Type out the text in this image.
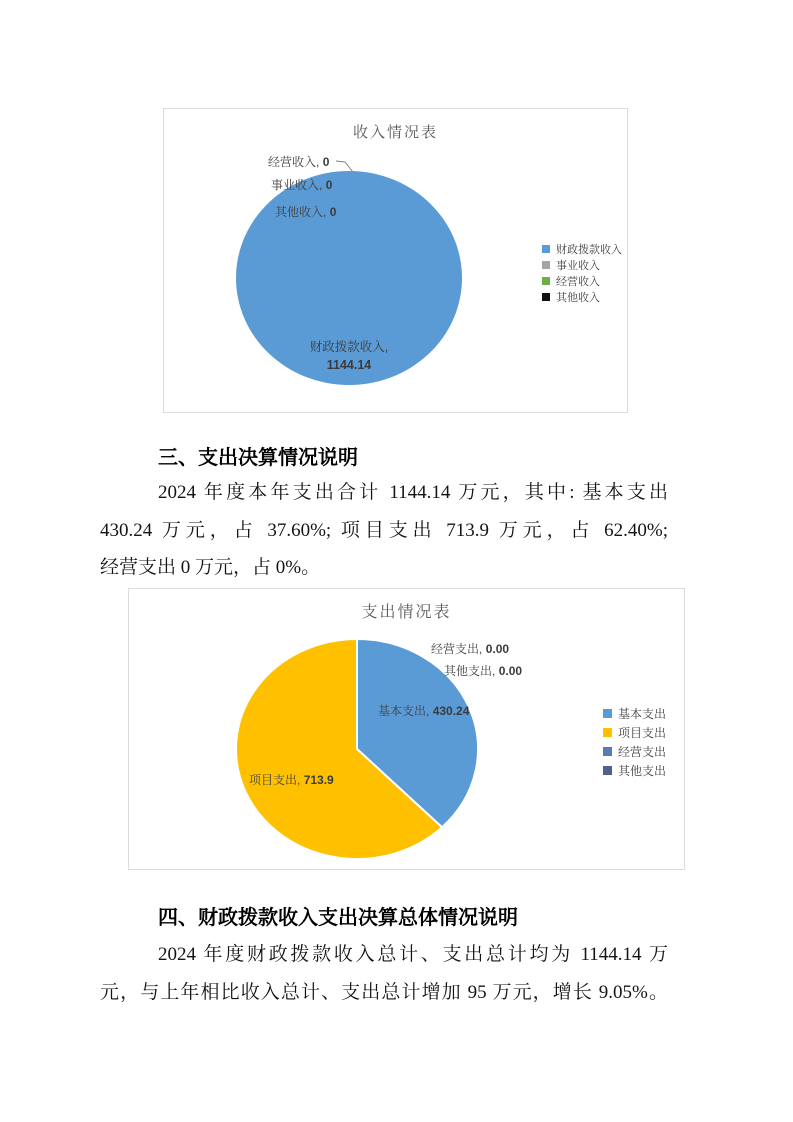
收入情况表
经营收入, 0
事业收入, 0
其他收入, 0
财政拨款收入,
1144.14
财政拨款收入
事业收入
经营收入
其他收入
三、支出决算情况说明
2024 年度本年支出合计 1144.14 万元，其中: 基本支出
430.24 万元，占 37.60%; 项目支出 713.9 万元，占 62.40%;
经营支出 0 万元，占 0%。
支出情况表
经营支出, 0.00
其他支出, 0.00
基本支出, 430.24
项目支出, 713.9
基本支出
项目支出
经营支出
其他支出
四、财政拨款收入支出决算总体情况说明
2024 年度财政拨款收入总计、支出总计均为 1144.14 万
元，与上年相比收入总计、支出总计增加 95 万元，增长 9.05%。
